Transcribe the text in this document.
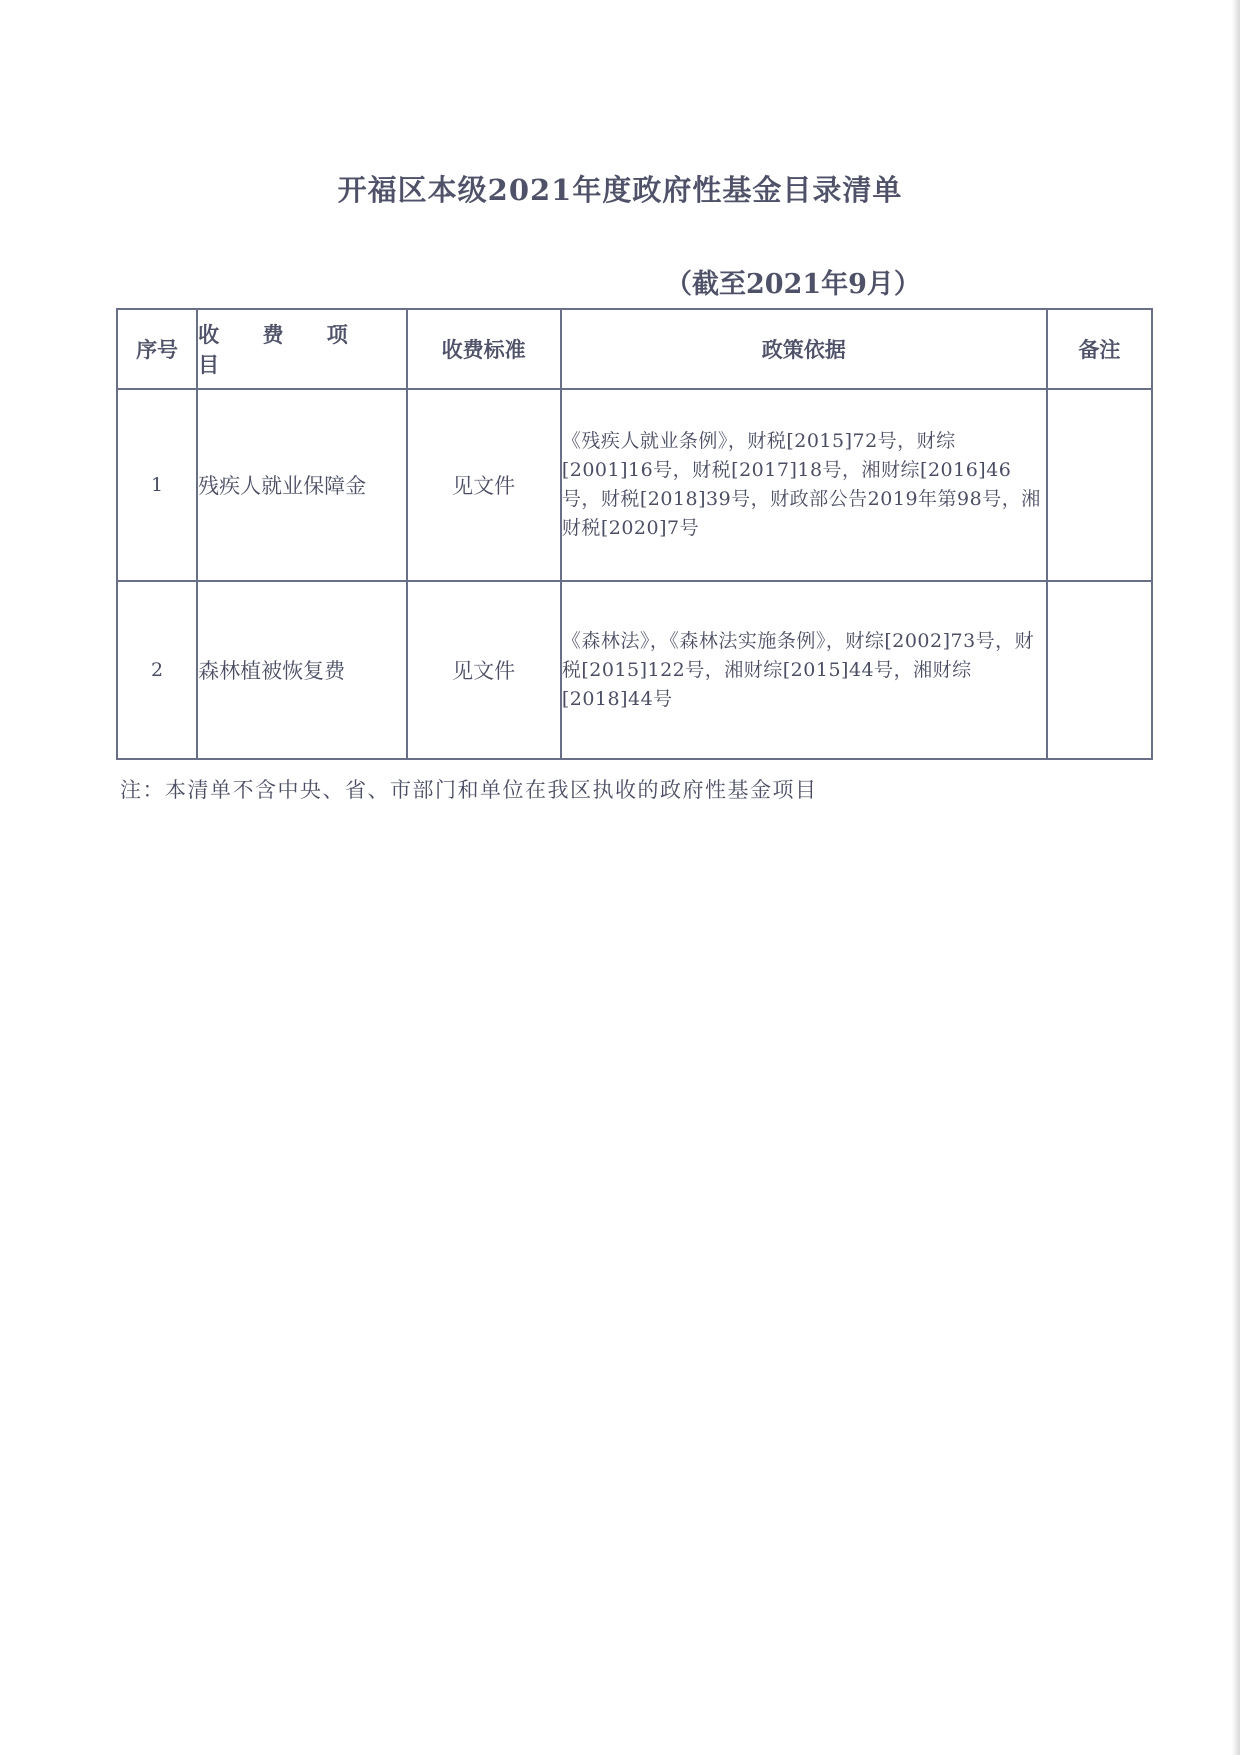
开福区本级2021年度政府性基金目录清单
（截至2021年9月）
序号	收 费 项 目	收费标准	政策依据	备注
1	残疾人就业保障金	见文件	《残疾人就业条例》，财税[2015]72号，财综[2001]16号，财税[2017]18号，湘财综[2016]46号，财税[2018]39号，财政部公告2019年第98号，湘财税[2020]7号	
2	森林植被恢复费	见文件	《森林法》，《森林法实施条例》，财综[2002]73号，财税[2015]122号，湘财综[2015]44号，湘财综[2018]44号	
注：本清单不含中央、省、市部门和单位在我区执收的政府性基金项目
